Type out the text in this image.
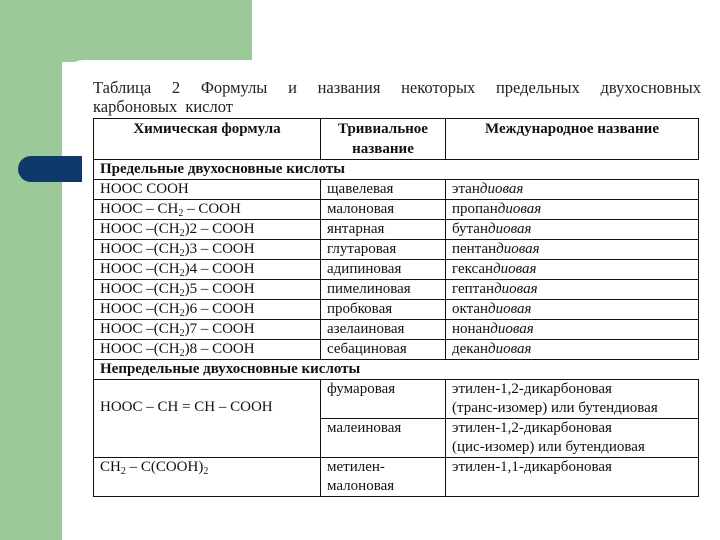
Таблица 2 Формулы и названия некоторых предельных двухосновных карбоновых кислот
Химическая формула	Тривиальное название	Международное название
Предельные двухосновные кислоты		
HOOC COOH	щавелевая	этандиовая
HOOC – $CH_2$ – COOH	малоновая	пропандиовая
HOOC $-(CH_2)2$ – COOH	янтарная	бутандиовая
HOOC $-(CH_2)3$ – COOH	глутаровая	пентандиовая
HOOC $-(CH_2)4$ – COOH	адипиновая	гександиовая
HOOC $-(CH_2)5$ – COOH	пимелиновая	гептандиовая
HOOC $-(CH_2)6$ – COOH	пробковая	октандиовая
HOOC $-(CH_2)7$ – COOH	азелаиновая	нонандиовая
HOOC $-(CH_2)8$ – COOH	себациновая	декандиовая
Непредельные двухосновные кислоты		
HOOC – CH = CH – COOH	фумаровая	этилен-1,2-дикарбоновая
(транс-изомер) или бутендиовая

	малеиновая	этилен-1,2-дикарбоновая
(цис-изомер) или бутендиовая

$CH_2$ – $C(COOH)_2$	метилен-малоновая	этилен-1,1-дикарбоновая
